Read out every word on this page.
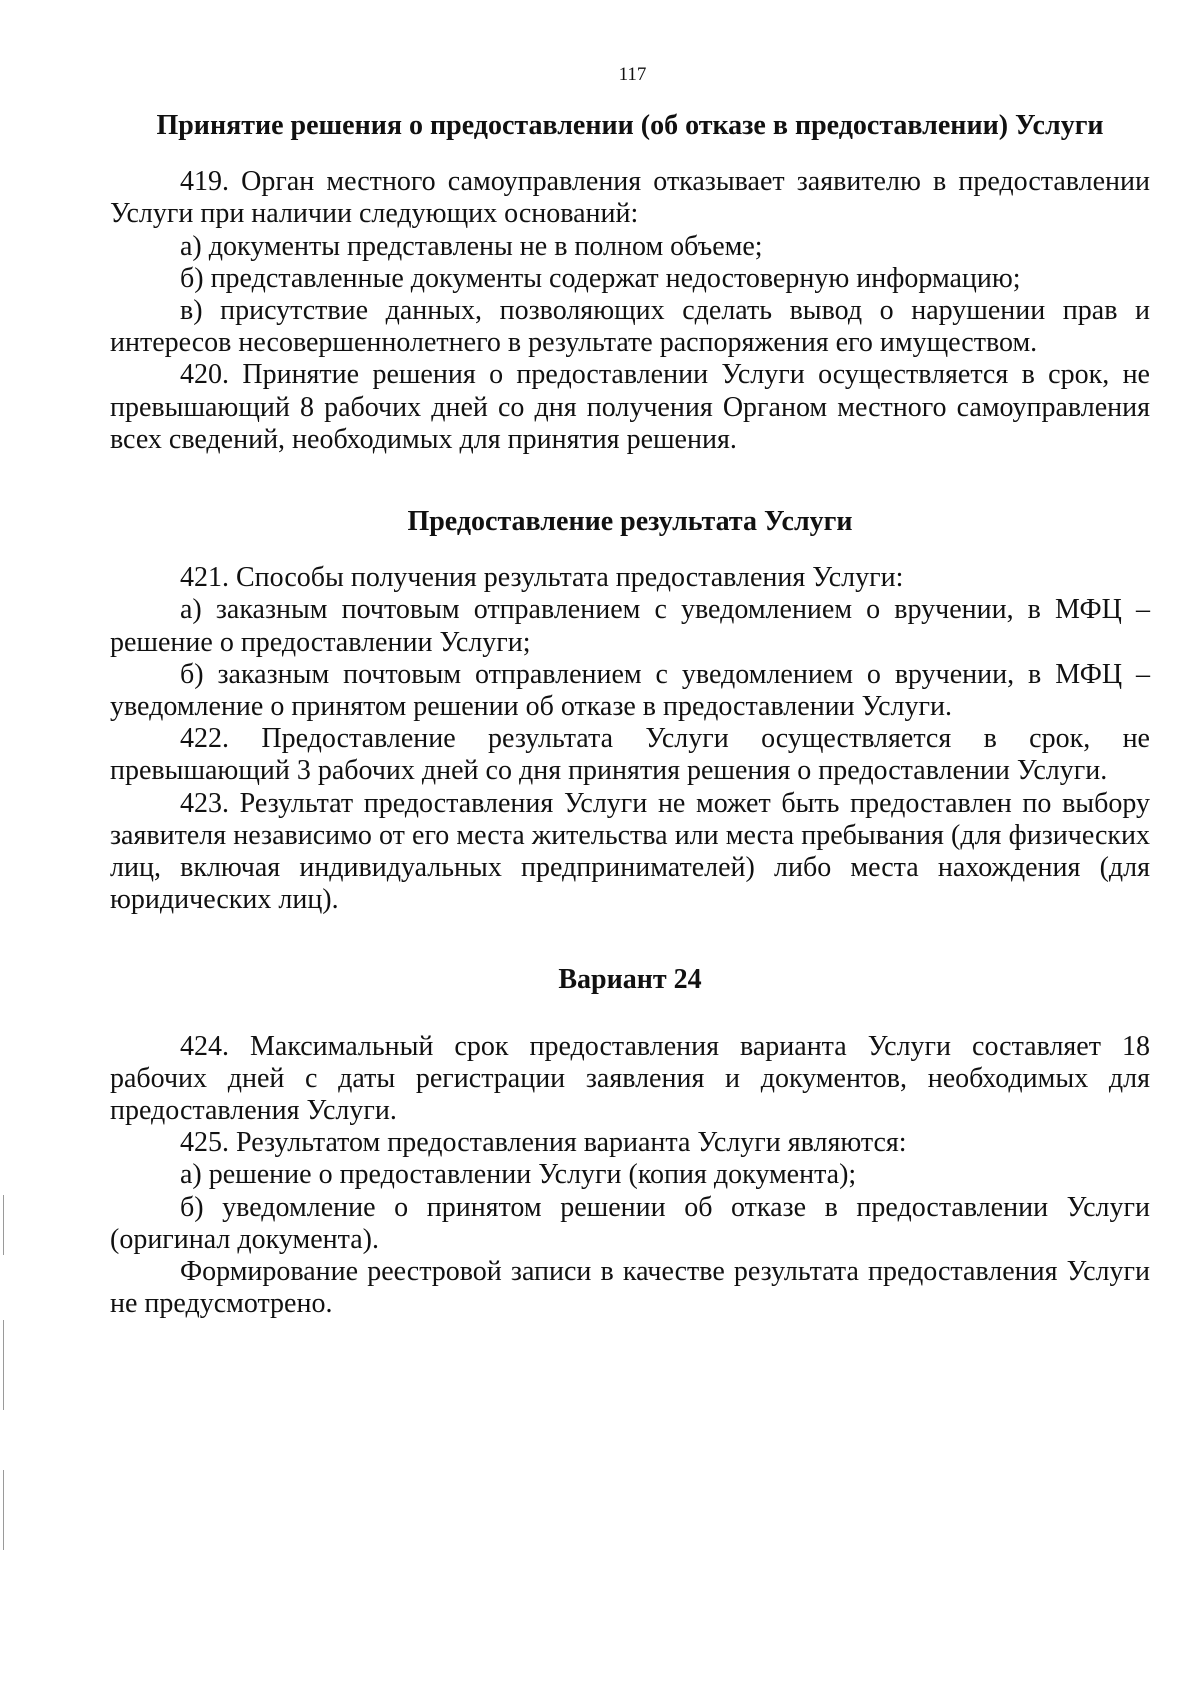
117

Принятие решения о предоставлении (об отказе в предоставлении) Услуги

419. Орган местного самоуправления отказывает заявителю в предоставлении Услуги при наличии следующих оснований:

а) документы представлены не в полном объеме;

б) представленные документы содержат недостоверную информацию;

в) присутствие данных, позволяющих сделать вывод о нарушении прав и интересов несовершеннолетнего в результате распоряжения его имуществом.

420. Принятие решения о предоставлении Услуги осуществляется в срок, не превышающий 8 рабочих дней со дня получения Органом местного самоуправления всех сведений, необходимых для принятия решения.

Предоставление результата Услуги

421. Способы получения результата предоставления Услуги:

а) заказным почтовым отправлением с уведомлением о вручении, в МФЦ – решение о предоставлении Услуги;

б) заказным почтовым отправлением с уведомлением о вручении, в МФЦ – уведомление о принятом решении об отказе в предоставлении Услуги.

422. Предоставление результата Услуги осуществляется в срок, не превышающий 3 рабочих дней со дня принятия решения о предоставлении Услуги.

423. Результат предоставления Услуги не может быть предоставлен по выбору заявителя независимо от его места жительства или места пребывания (для физических лиц, включая индивидуальных предпринимателей) либо места нахождения (для юридических лиц).

Вариант 24

424. Максимальный срок предоставления варианта Услуги составляет 18 рабочих дней с даты регистрации заявления и документов, необходимых для предоставления Услуги.

425. Результатом предоставления варианта Услуги являются:

а) решение о предоставлении Услуги (копия документа);

б) уведомление о принятом решении об отказе в предоставлении Услуги (оригинал документа).

Формирование реестровой записи в качестве результата предоставления Услуги не предусмотрено.
